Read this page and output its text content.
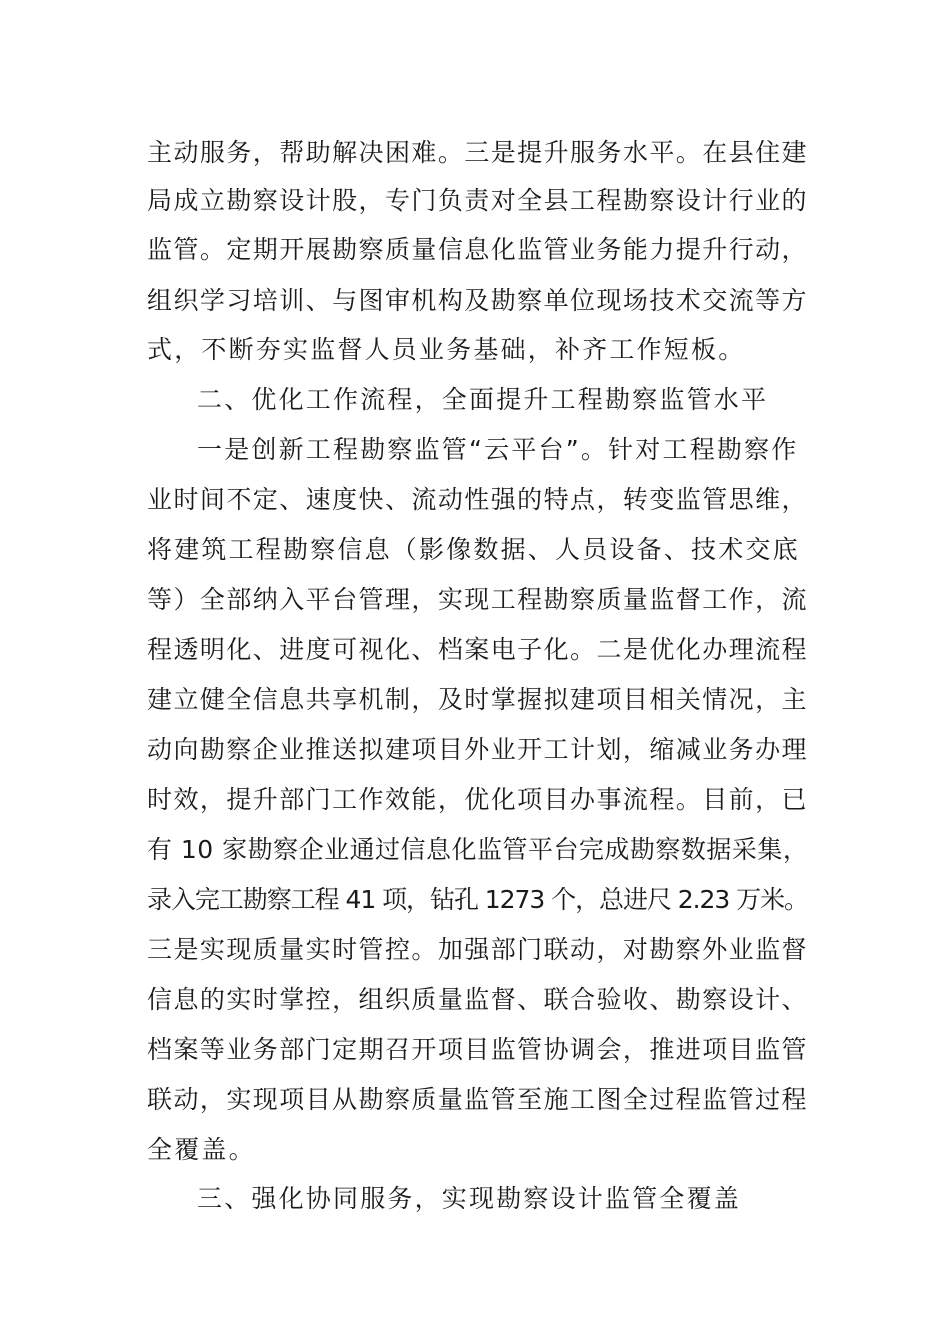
主动服务，帮助解决困难。三是提升服务水平。在县住建
局成立勘察设计股，专门负责对全县工程勘察设计行业的
监管。定期开展勘察质量信息化监管业务能力提升行动，
组织学习培训、与图审机构及勘察单位现场技术交流等方
式，不断夯实监督人员业务基础，补齐工作短板。
二、优化工作流程，全面提升工程勘察监管水平
一是创新工程勘察监管“云平台”。针对工程勘察作
业时间不定、速度快、流动性强的特点，转变监管思维，
将建筑工程勘察信息（影像数据、人员设备、技术交底
等）全部纳入平台管理，实现工程勘察质量监督工作，流
程透明化、进度可视化、档案电子化。二是优化办理流程
建立健全信息共享机制，及时掌握拟建项目相关情况，主
动向勘察企业推送拟建项目外业开工计划，缩减业务办理
时效，提升部门工作效能，优化项目办事流程。目前，已
有 10 家勘察企业通过信息化监管平台完成勘察数据采集，
录入完工勘察工程 41 项，钻孔 1273 个，总进尺 2.23 万米。
三是实现质量实时管控。加强部门联动，对勘察外业监督
信息的实时掌控，组织质量监督、联合验收、勘察设计、
档案等业务部门定期召开项目监管协调会，推进项目监管
联动，实现项目从勘察质量监管至施工图全过程监管过程
全覆盖。
三、强化协同服务，实现勘察设计监管全覆盖
